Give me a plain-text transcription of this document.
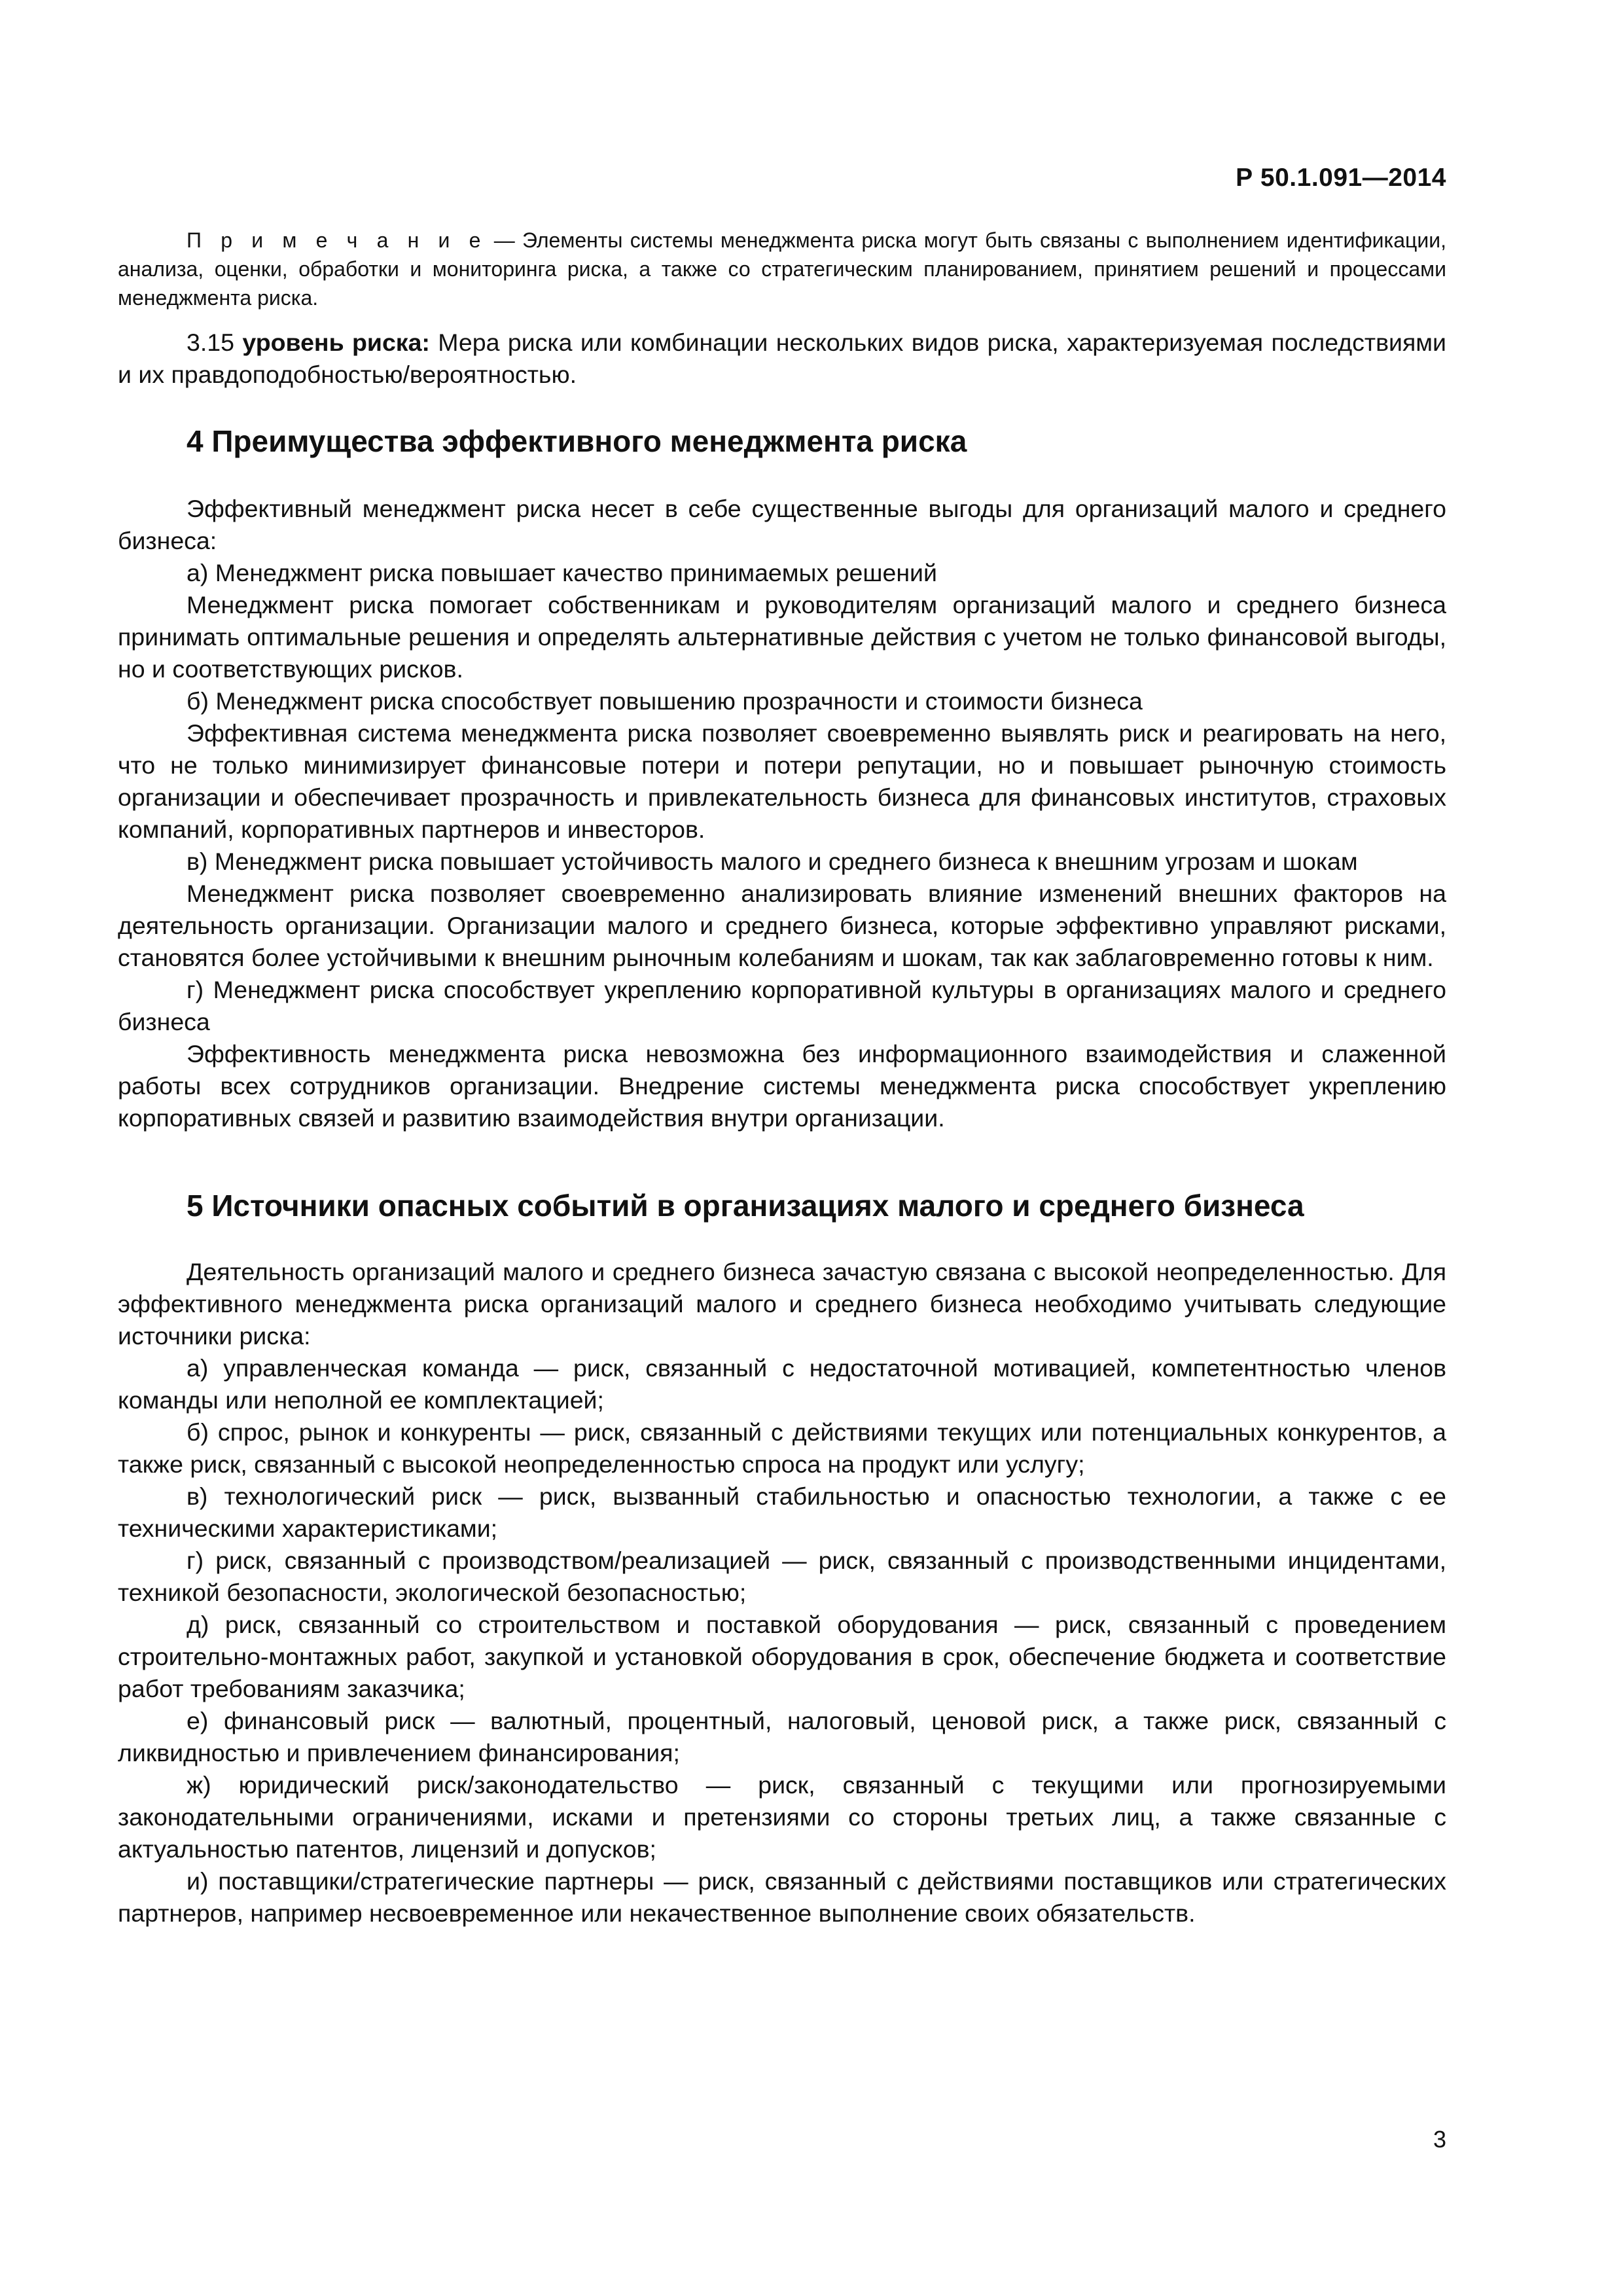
Р 50.1.091—2014

П р и м е ч а н и е — Элементы системы менеджмента риска могут быть связаны с выполнением идентификации, анализа, оценки, обработки и мониторинга риска, а также со стратегическим планированием, принятием решений и процессами менеджмента риска.

3.15 уровень риска: Мера риска или комбинации нескольких видов риска, характеризуемая последствиями и их правдоподобностью/вероятностью.

4 Преимущества эффективного менеджмента риска

Эффективный менеджмент риска несет в себе существенные выгоды для организаций малого и среднего бизнеса:

а) Менеджмент риска повышает качество принимаемых решений

Менеджмент риска помогает собственникам и руководителям организаций малого и среднего бизнеса принимать оптимальные решения и определять альтернативные действия с учетом не только финансовой выгоды, но и соответствующих рисков.

б) Менеджмент риска способствует повышению прозрачности и стоимости бизнеса

Эффективная система менеджмента риска позволяет своевременно выявлять риск и реагировать на него, что не только минимизирует финансовые потери и потери репутации, но и повышает рыночную стоимость организации и обеспечивает прозрачность и привлекательность бизнеса для финансовых институтов, страховых компаний, корпоративных партнеров и инвесторов.

в) Менеджмент риска повышает устойчивость малого и среднего бизнеса к внешним угрозам и шокам

Менеджмент риска позволяет своевременно анализировать влияние изменений внешних факторов на деятельность организации. Организации малого и среднего бизнеса, которые эффективно управляют рисками, становятся более устойчивыми к внешним рыночным колебаниям и шокам, так как заблаговременно готовы к ним.

г) Менеджмент риска способствует укреплению корпоративной культуры в организациях малого и среднего бизнеса

Эффективность менеджмента риска невозможна без информационного взаимодействия и слаженной работы всех сотрудников организации. Внедрение системы менеджмента риска способствует укреплению корпоративных связей и развитию взаимодействия внутри организации.

5 Источники опасных событий в организациях малого и среднего бизнеса

Деятельность организаций малого и среднего бизнеса зачастую связана с высокой неопределенностью. Для эффективного менеджмента риска организаций малого и среднего бизнеса необходимо учитывать следующие источники риска:

а) управленческая команда — риск, связанный с недостаточной мотивацией, компетентностью членов команды или неполной ее комплектацией;

б) спрос, рынок и конкуренты — риск, связанный с действиями текущих или потенциальных конкурентов, а также риск, связанный с высокой неопределенностью спроса на продукт или услугу;

в) технологический риск — риск, вызванный стабильностью и опасностью технологии, а также с ее техническими характеристиками;

г) риск, связанный с производством/реализацией — риск, связанный с производственными инцидентами, техникой безопасности, экологической безопасностью;

д) риск, связанный со строительством и поставкой оборудования — риск, связанный с проведением строительно-монтажных работ, закупкой и установкой оборудования в срок, обеспечение бюджета и соответствие работ требованиям заказчика;

е) финансовый риск — валютный, процентный, налоговый, ценовой риск, а также риск, связанный с ликвидностью и привлечением финансирования;

ж) юридический риск/законодательство — риск, связанный с текущими или прогнозируемыми законодательными ограничениями, исками и претензиями со стороны третьих лиц, а также связанные с актуальностью патентов, лицензий и допусков;

и) поставщики/стратегические партнеры — риск, связанный с действиями поставщиков или стратегических партнеров, например несвоевременное или некачественное выполнение своих обязательств.

3
